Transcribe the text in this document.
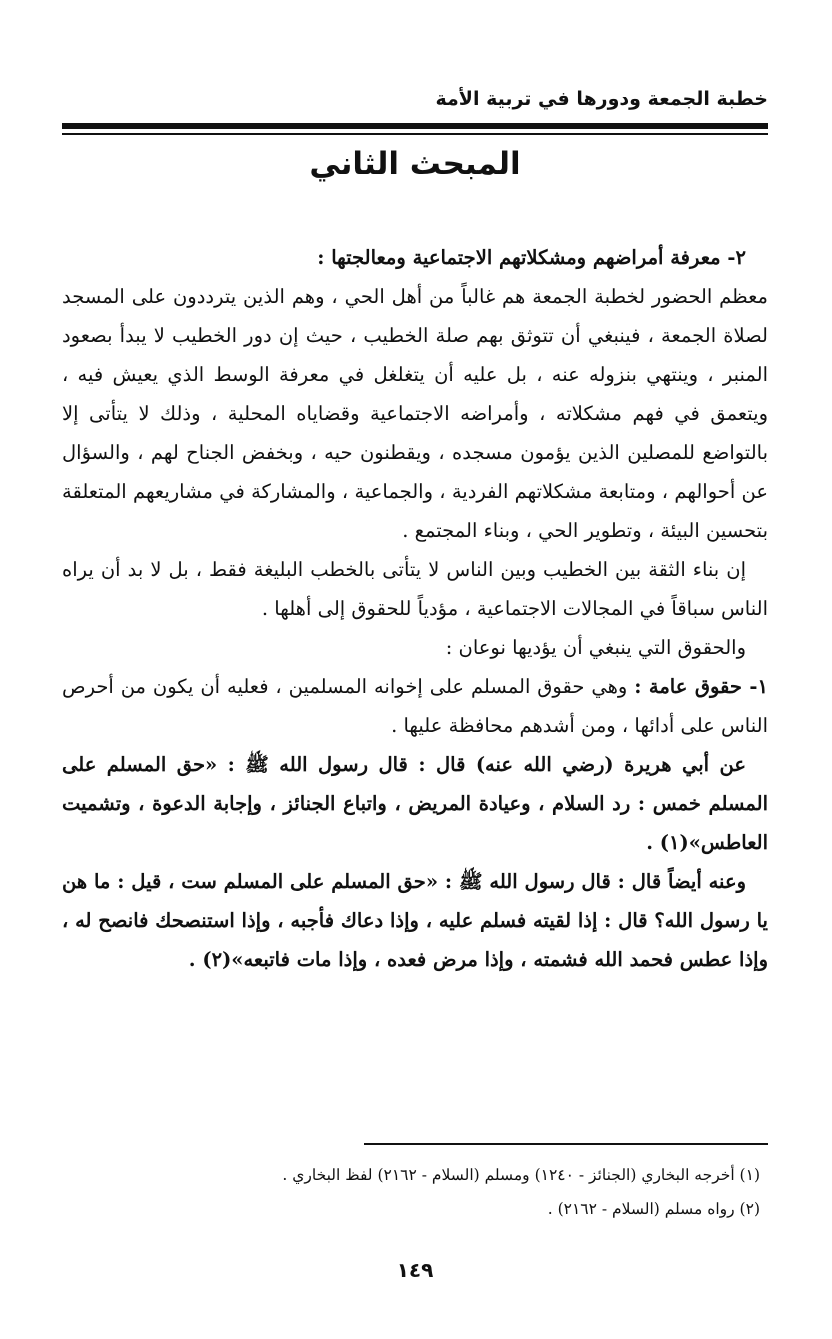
خطبة الجمعة ودورها في تربية الأمة
المبحث الثاني

٢- معرفة أمراضهم ومشكلاتهم الاجتماعية ومعالجتها :

معظم الحضور لخطبة الجمعة هم غالباً من أهل الحي ، وهم الذين يترددون على المسجد لصلاة الجمعة ، فينبغي أن تتوثق بهم صلة الخطيب ، حيث إن دور الخطيب لا يبدأ بصعود المنبر ، وينتهي بنزوله عنه ، بل عليه أن يتغلغل في معرفة الوسط الذي يعيش فيه ، ويتعمق في فهم مشكلاته ، وأمراضه الاجتماعية وقضاياه المحلية ، وذلك لا يتأتى إلا بالتواضع للمصلين الذين يؤمون مسجده ، ويقطنون حيه ، وبخفض الجناح لهم ، والسؤال عن أحوالهم ، ومتابعة مشكلاتهم الفردية ، والجماعية ، والمشاركة في مشاريعهم المتعلقة بتحسين البيئة ، وتطوير الحي ، وبناء المجتمع .

إن بناء الثقة بين الخطيب وبين الناس لا يتأتى بالخطب البليغة فقط ، بل لا بد أن يراه الناس سباقاً في المجالات الاجتماعية ، مؤدياً للحقوق إلى أهلها .

والحقوق التي ينبغي أن يؤديها نوعان :

١- حقوق عامة : وهي حقوق المسلم على إخوانه المسلمين ، فعليه أن يكون من أحرص الناس على أدائها ، ومن أشدهم محافظة عليها .

عن أبي هريرة (رضي الله عنه) قال : قال رسول الله ﷺ : «حق المسلم على المسلم خمس : رد السلام ، وعيادة المريض ، واتباع الجنائز ، وإجابة الدعوة ، وتشميت العاطس»(١) .

وعنه أيضاً قال : قال رسول الله ﷺ : «حق المسلم على المسلم ست ، قيل : ما هن يا رسول الله؟ قال : إذا لقيته فسلم عليه ، وإذا دعاك فأجبه ، وإذا استنصحك فانصح له ، وإذا عطس فحمد الله فشمته ، وإذا مرض فعده ، وإذا مات فاتبعه»(٢) .

(١) أخرجه البخاري (الجنائز - ١٢٤٠) ومسلم (السلام - ٢١٦٢) لفظ البخاري .

(٢) رواه مسلم (السلام - ٢١٦٢) .

١٤٩
